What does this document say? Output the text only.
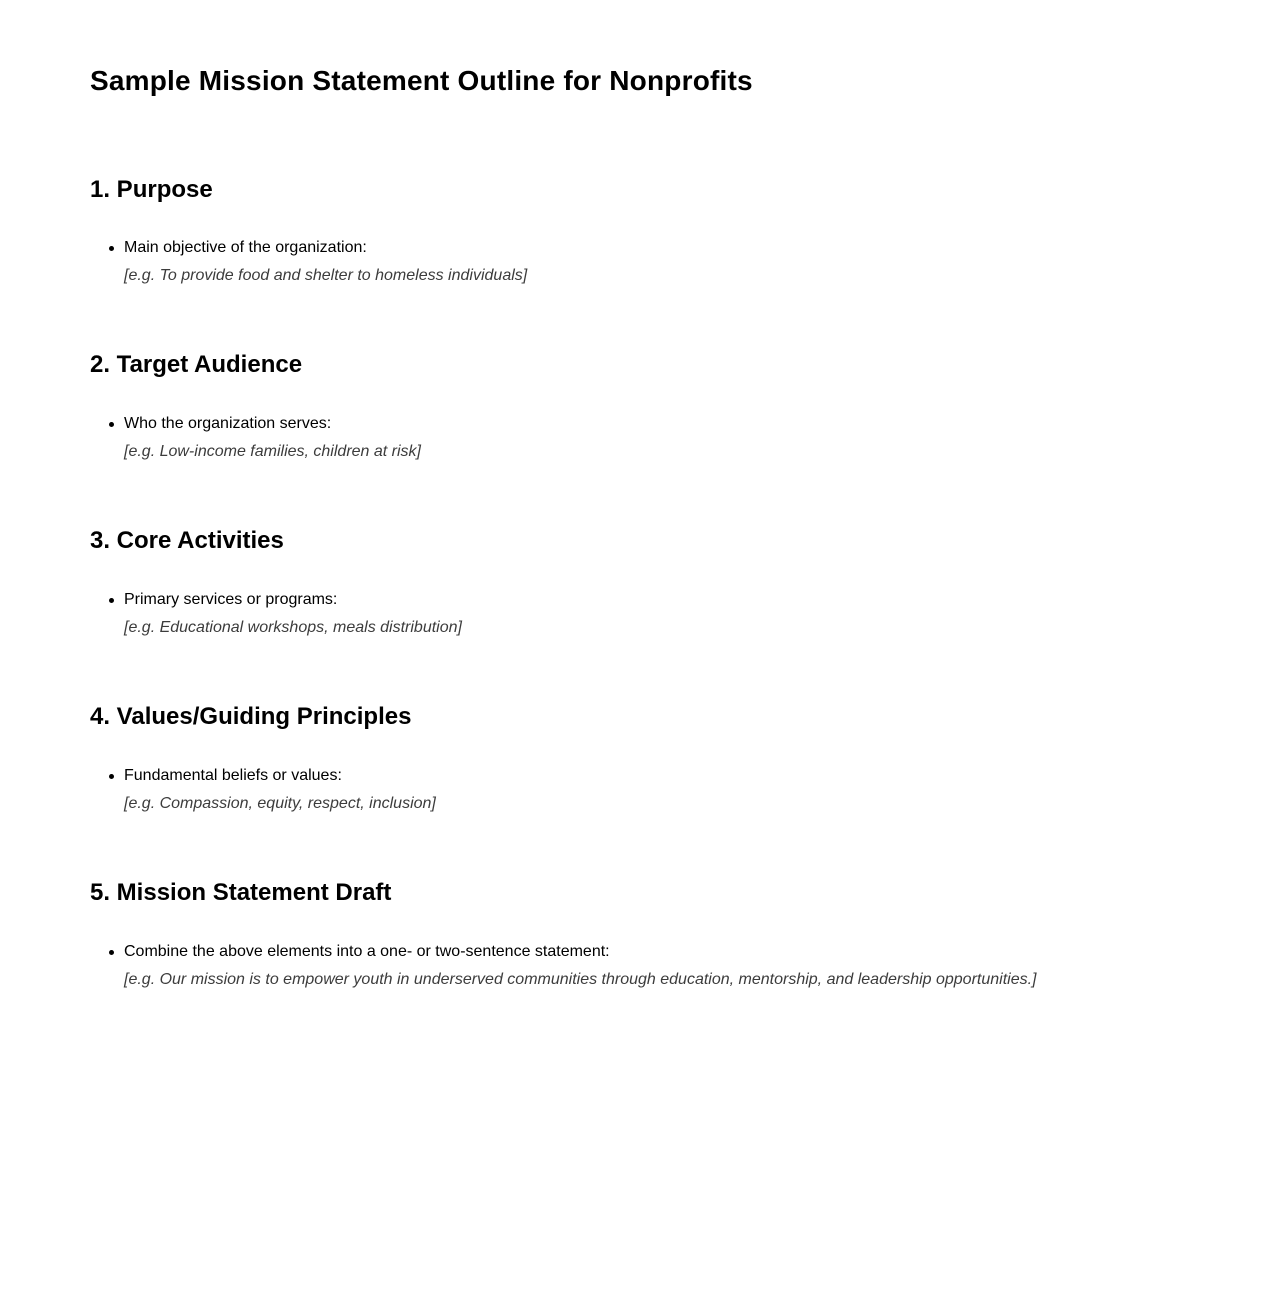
Sample Mission Statement Outline for Nonprofits
1. Purpose
Main objective of the organization:
[e.g. To provide food and shelter to homeless individuals]
2. Target Audience
Who the organization serves:
[e.g. Low-income families, children at risk]
3. Core Activities
Primary services or programs:
[e.g. Educational workshops, meals distribution]
4. Values/Guiding Principles
Fundamental beliefs or values:
[e.g. Compassion, equity, respect, inclusion]
5. Mission Statement Draft
Combine the above elements into a one- or two-sentence statement:
[e.g. Our mission is to empower youth in underserved communities through education, mentorship, and leadership opportunities.]
